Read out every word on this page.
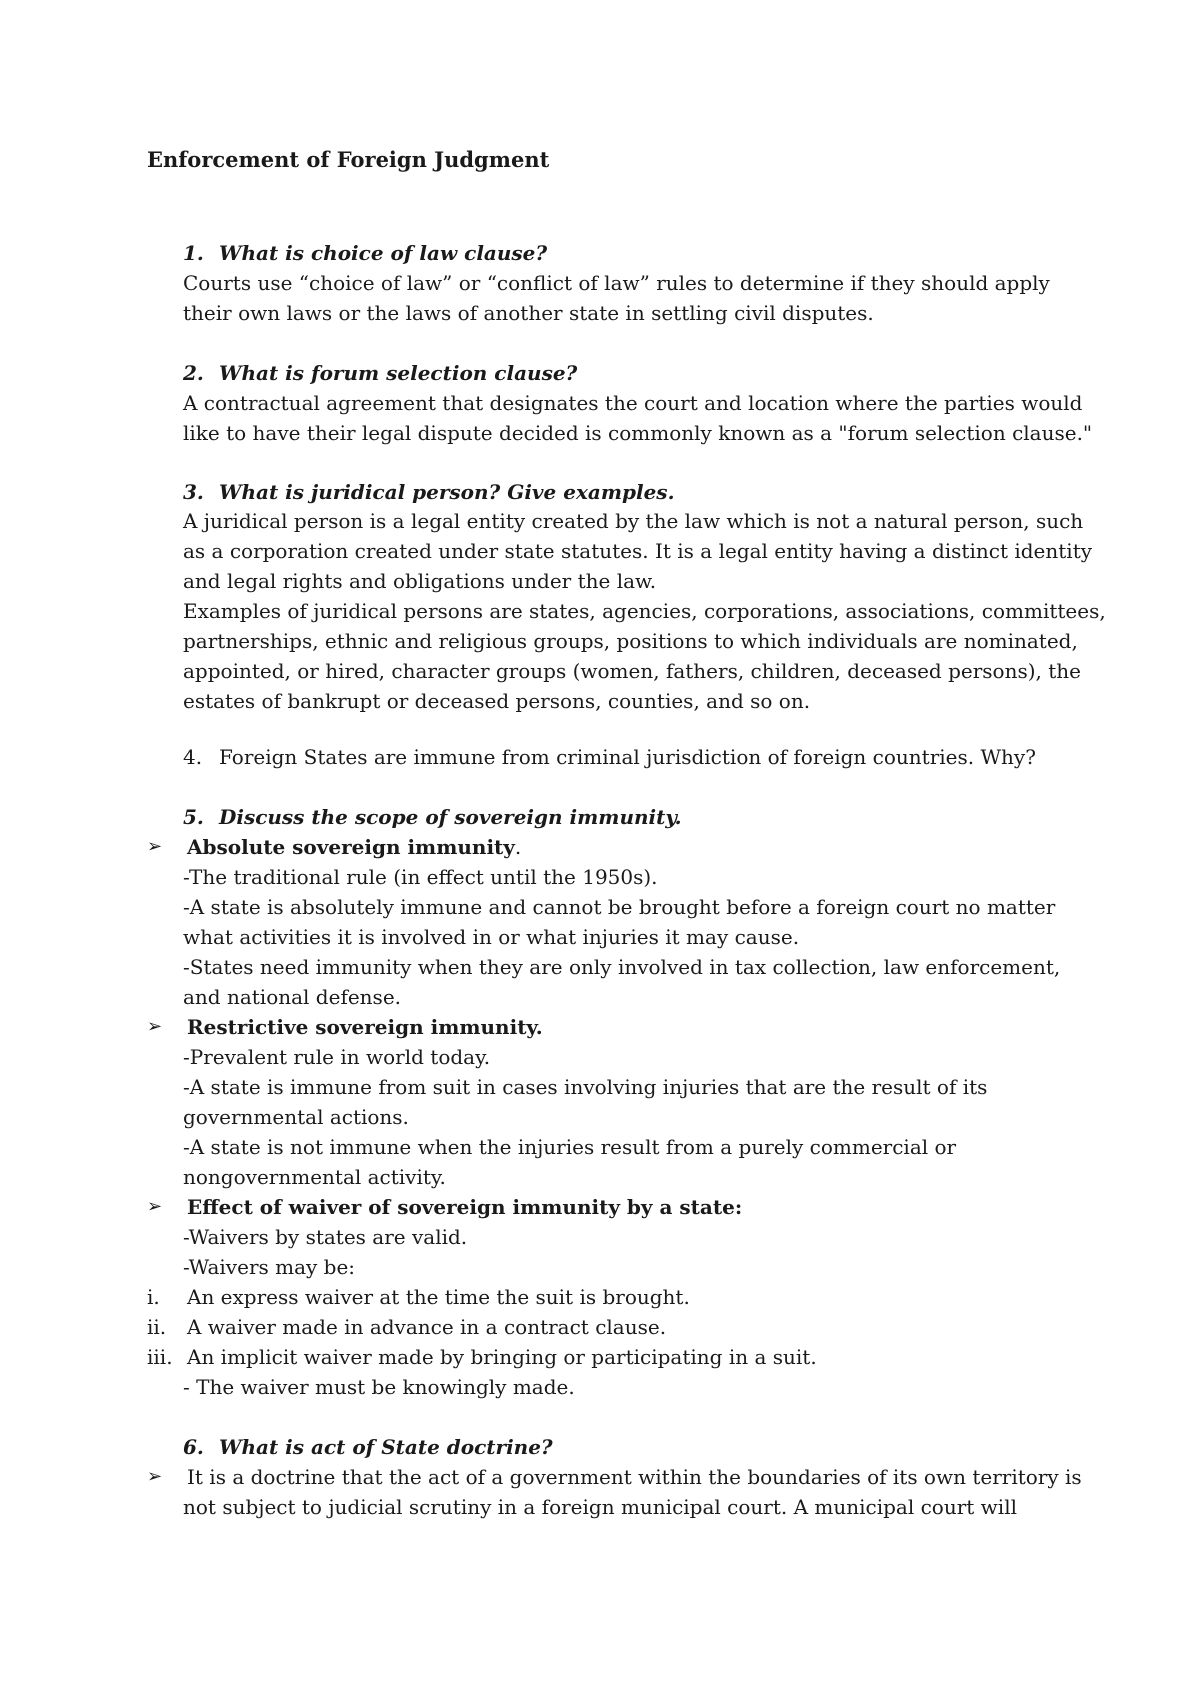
Enforcement of Foreign Judgment
1. What is choice of law clause?

Courts use “choice of law” or “conflict of law” rules to determine if they should apply

their own laws or the laws of another state in settling civil disputes.

2. What is forum selection clause?

A contractual agreement that designates the court and location where the parties would

like to have their legal dispute decided is commonly known as a "forum selection clause."

3. What is juridical person? Give examples.

A juridical person is a legal entity created by the law which is not a natural person, such

as a corporation created under state statutes. It is a legal entity having a distinct identity

and legal rights and obligations under the law.

Examples of juridical persons are states, agencies, corporations, associations, committees,

partnerships, ethnic and religious groups, positions to which individuals are nominated,

appointed, or hired, character groups (women, fathers, children, deceased persons), the

estates of bankrupt or deceased persons, counties, and so on.

4. Foreign States are immune from criminal jurisdiction of foreign countries. Why?
5. Discuss the scope of sovereign immunity.
➢ Absolute sovereign immunity.

-The traditional rule (in effect until the 1950s).

-A state is absolutely immune and cannot be brought before a foreign court no matter

what activities it is involved in or what injuries it may cause.

-States need immunity when they are only involved in tax collection, law enforcement,

and national defense.

➢ Restrictive sovereign immunity.

-Prevalent rule in world today.

-A state is immune from suit in cases involving injuries that are the result of its

governmental actions.

-A state is not immune when the injuries result from a purely commercial or

nongovernmental activity.

➢ Effect of waiver of sovereign immunity by a state:
-Waivers by states are valid.
-Waivers may be:
i. An express waiver at the time the suit is brought.
ii. A waiver made in advance in a contract clause.
iii. An implicit waiver made by bringing or participating in a suit.
- The waiver must be knowingly made.
6. What is act of State doctrine?
➢ It is a doctrine that the act of a government within the boundaries of its own territory is
not subject to judicial scrutiny in a foreign municipal court. A municipal court will
